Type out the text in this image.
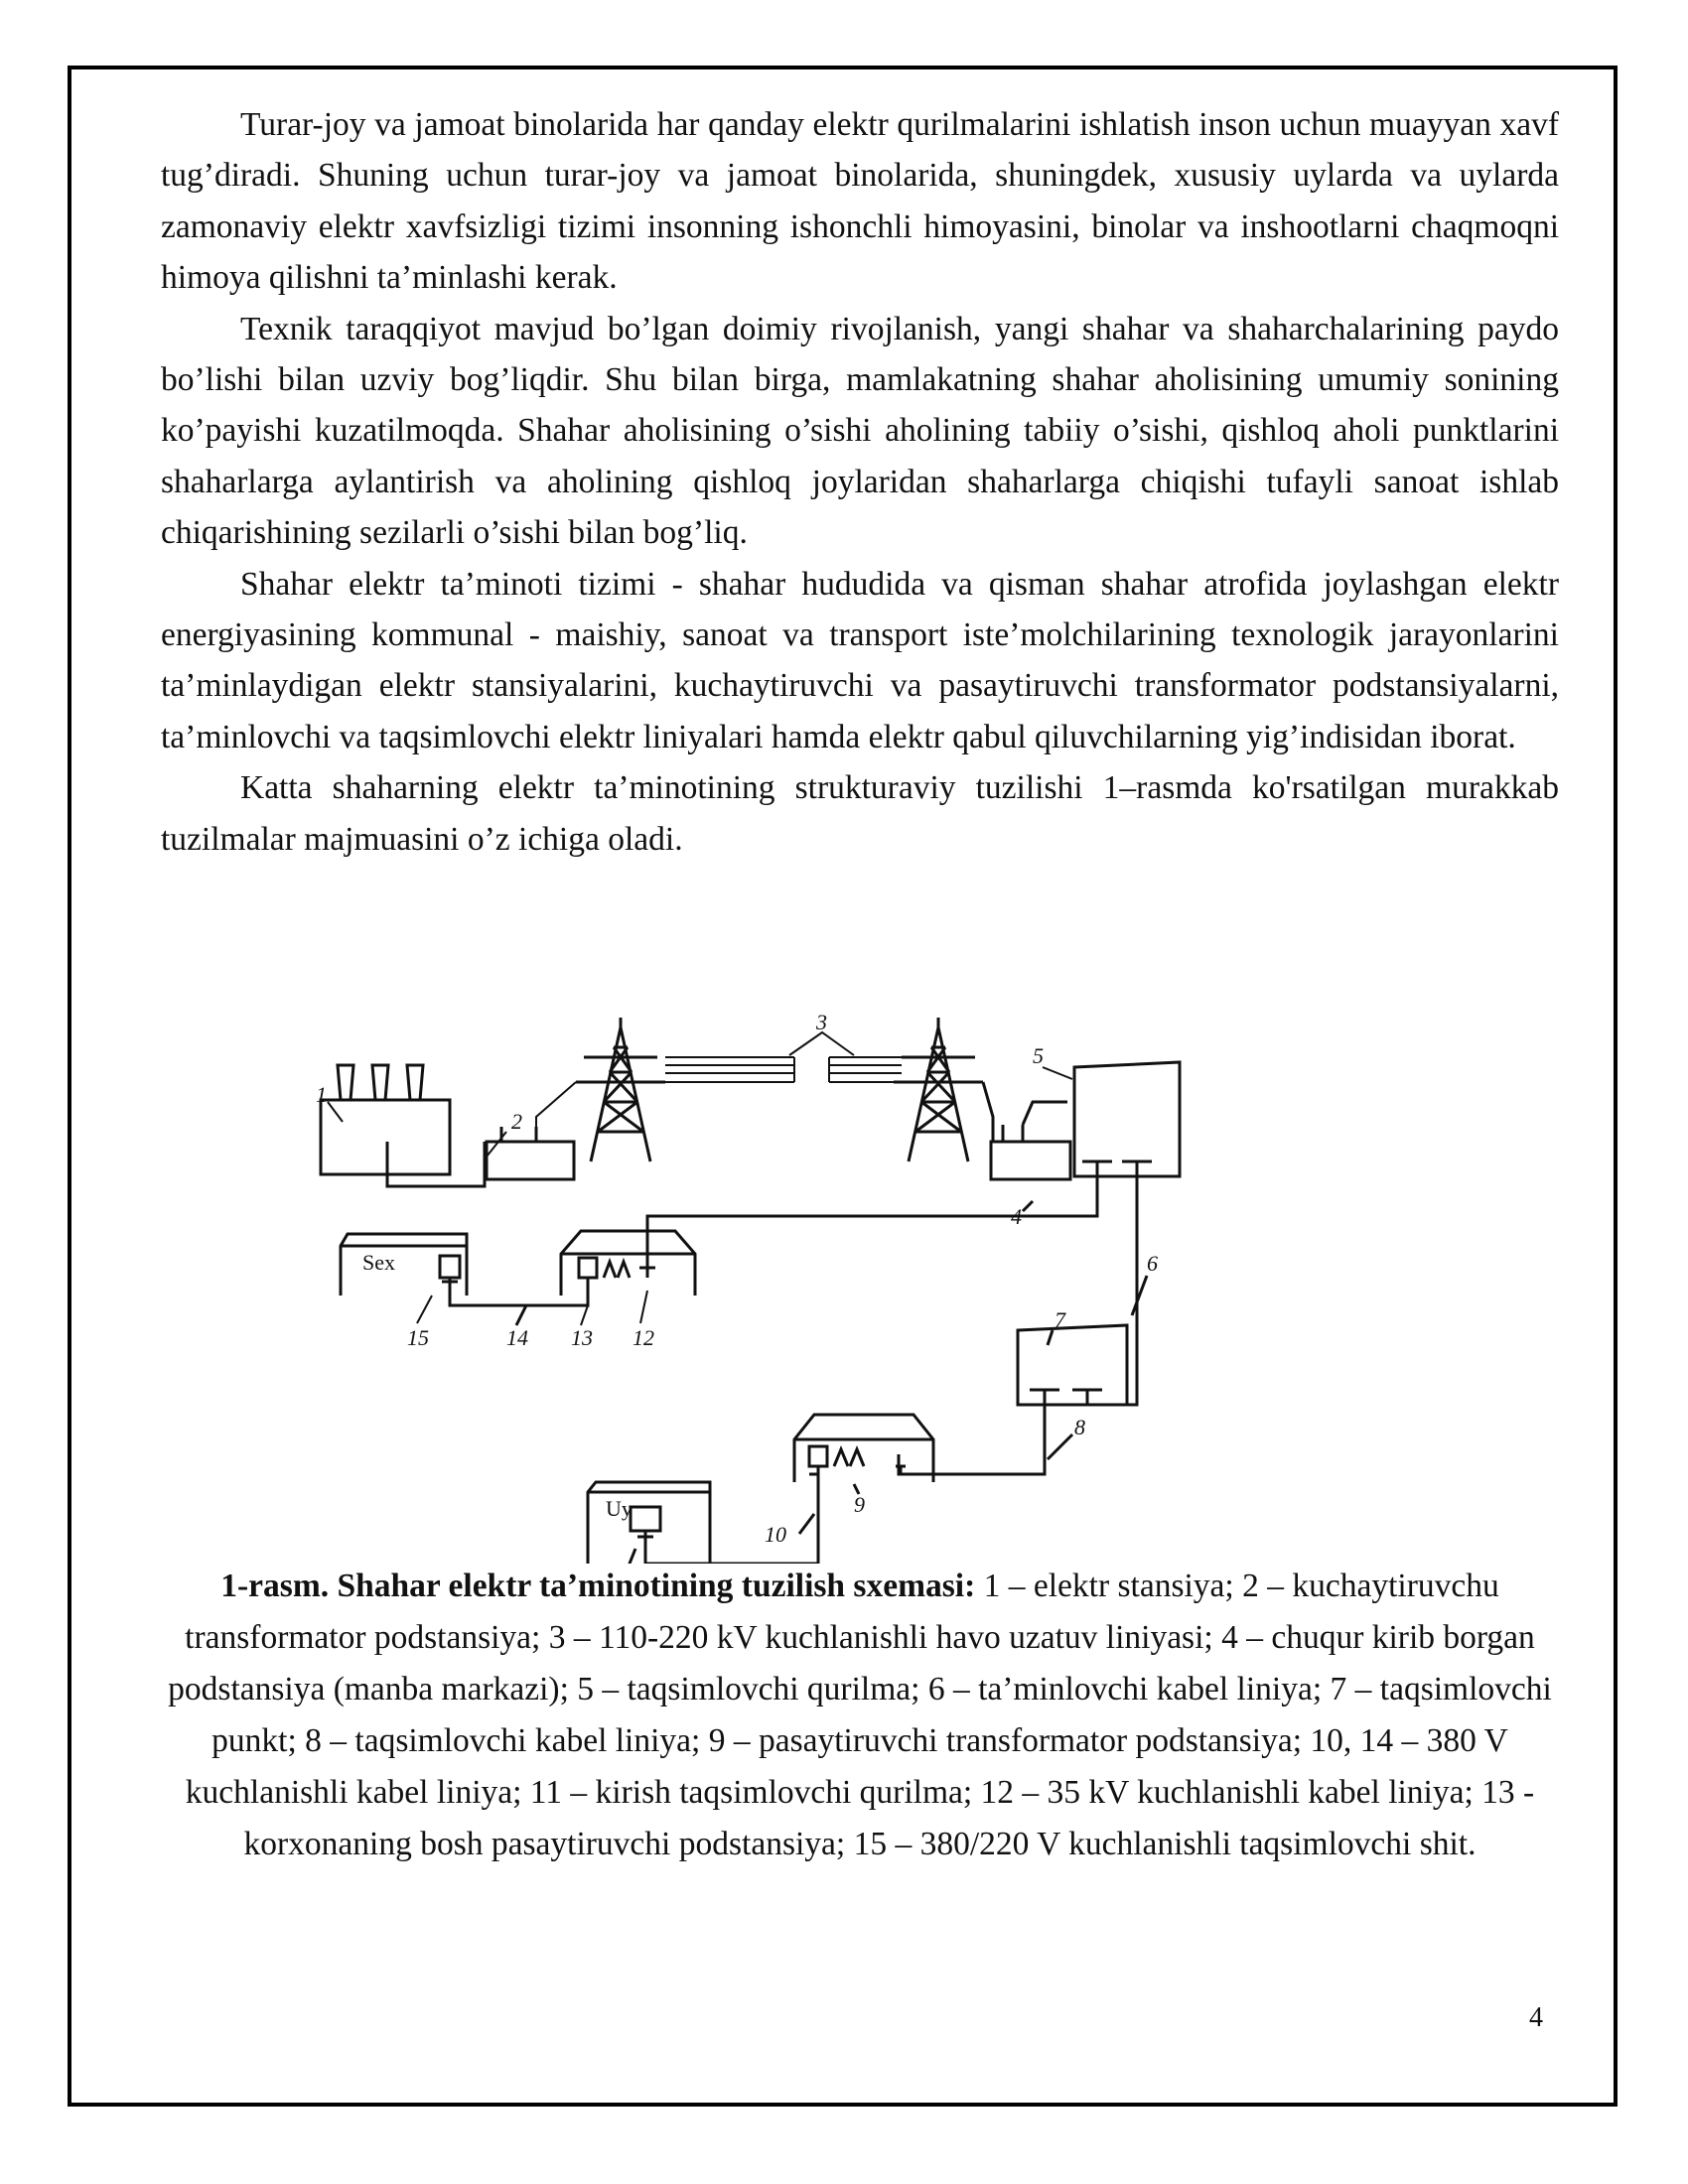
Turar-joy va jamoat binolarida har qanday elektr qurilmalarini ishlatish inson uchun muayyan xavf tug’diradi. Shuning uchun turar-joy va jamoat binolarida, shuningdek, xususiy uylarda va uylarda zamonaviy elektr xavfsizligi tizimi insonning ishonchli himoyasini, binolar va inshootlarni chaqmoqni himoya qilishni ta’minlashi kerak.

Texnik taraqqiyot mavjud bo’lgan doimiy rivojlanish, yangi shahar va shaharchalarining paydo bo’lishi bilan uzviy bog’liqdir. Shu bilan birga, mamlakatning shahar aholisining umumiy sonining ko’payishi kuzatilmoqda. Shahar aholisining o’sishi aholining tabiiy o’sishi, qishloq aholi punktlarini shaharlarga aylantirish va aholining qishloq joylaridan shaharlarga chiqishi tufayli sanoat ishlab chiqarishining sezilarli o’sishi bilan bog’liq.

Shahar elektr ta’minoti tizimi - shahar hududida va qisman shahar atrofida joylashgan elektr energiyasining kommunal - maishiy, sanoat va transport iste’molchilarining texnologik jarayonlarini ta’minlaydigan elektr stansiyalarini, kuchaytiruvchi va pasaytiruvchi transformator podstansiyalarni, ta’minlovchi va taqsimlovchi elektr liniyalari hamda elektr qabul qiluvchilarning yig’indisidan iborat.

Katta shaharning elektr ta’minotining strukturaviy tuzilishi 1–rasmda ko'rsatilgan murakkab tuzilmalar majmuasini o’z ichiga oladi.

1
2
3
4
5
6
7
8
9
10
12
13
14
15
Sex
Uy

1-rasm. Shahar elektr ta’minotining tuzilish sxemasi: 1 – elektr stansiya; 2 – kuchaytiruvchu transformator podstansiya; 3 – 110-220 kV kuchlanishli havo uzatuv liniyasi; 4 – chuqur kirib borgan podstansiya (manba markazi); 5 – taqsimlovchi qurilma; 6 – ta’minlovchi kabel liniya; 7 – taqsimlovchi punkt; 8 – taqsimlovchi kabel liniya; 9 – pasaytiruvchi transformator podstansiya; 10, 14 – 380 V kuchlanishli kabel liniya; 11 – kirish taqsimlovchi qurilma; 12 – 35 kV kuchlanishli kabel liniya; 13 - korxonaning bosh pasaytiruvchi podstansiya; 15 – 380/220 V kuchlanishli taqsimlovchi shit.

4
